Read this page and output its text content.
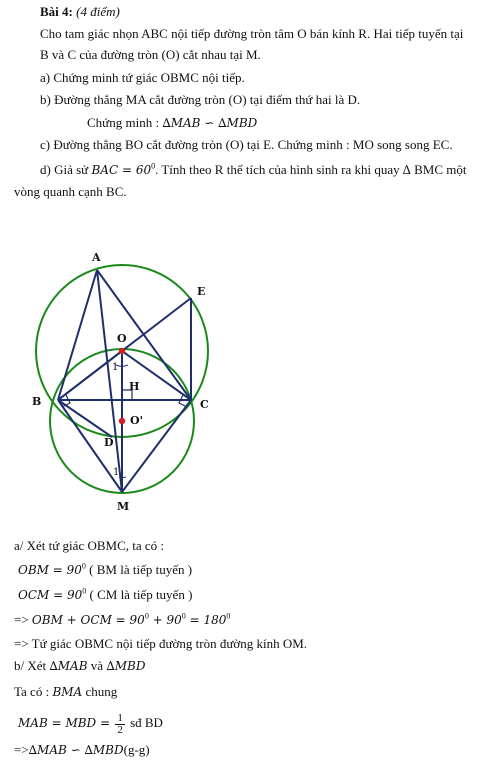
Bài 4: (4 điểm)
Cho tam giác nhọn ABC nội tiếp đường tròn tâm O bán kính R. Hai tiếp tuyến tại
B và C của đường tròn (O) cắt nhau tại M.
a) Chứng minh tứ giác OBMC nội tiếp.
b) Đường thẳng MA cắt đường tròn (O) tại điểm thứ hai là D.
Chứng minh : ∆MAB ∽ ∆MBD
c) Đường thẳng BO cắt đường tròn (O) tại E. Chứng minh : MO song song EC.
d) Giả sử BAC = $60^0$. Tính theo R thể tích của hình sinh ra khi quay ∆ BMC một
vòng quanh cạnh BC.
A
B	C
E
O
O'
H
D
M
1
1
a/ Xét tứ giác OBMC, ta có :
OBM = $90^0$ ( BM là tiếp tuyến )
OCM = $90^0$ ( CM là tiếp tuyến )
=> OBM + OCM = $90^0 + 90^0 = 180^0$
=> Tứ giác OBMC nội tiếp đường tròn đường kính OM.
b/ Xét ∆MAB và ∆MBD
Ta có : BMA chung
MAB = MBD = $\frac{1}{2}$ sđ BD
=>∆MAB ∽ ∆MBD(g-g)
